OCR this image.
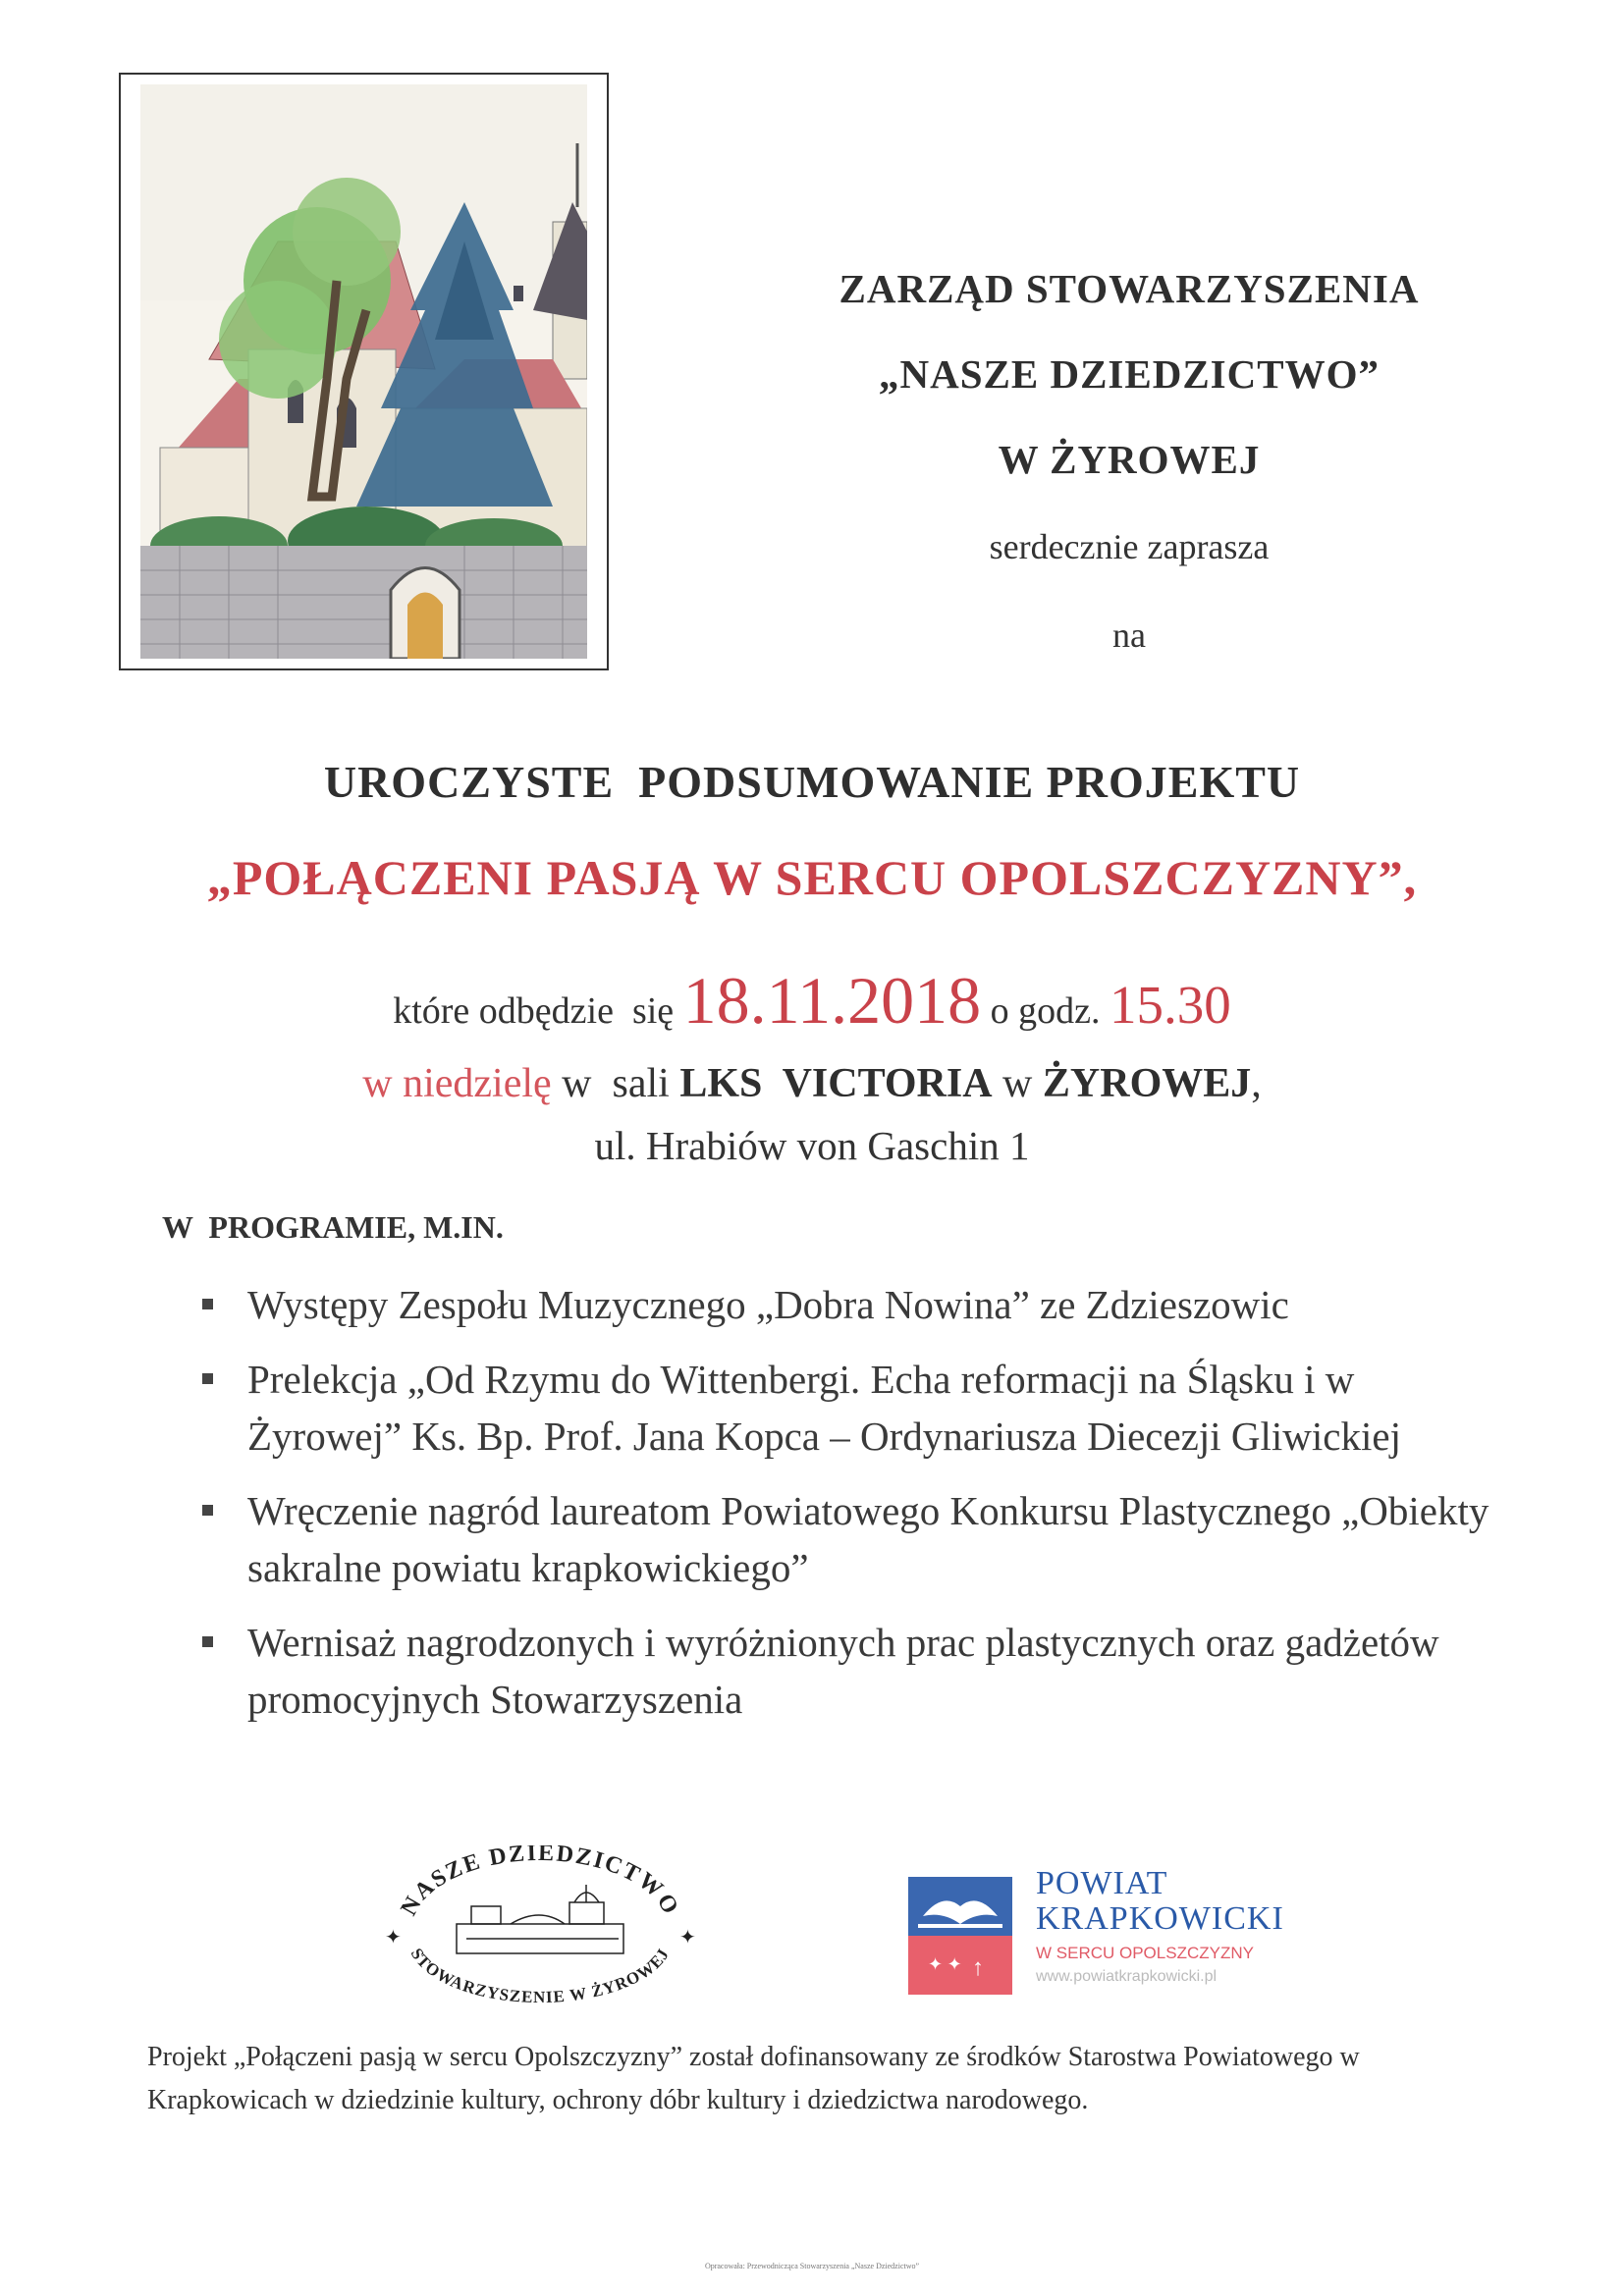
ZARZĄD STOWARZYSZENIA
„NASZE DZIEDZICTWO”
W ŻYROWEJ
serdecznie zaprasza
na
UROCZYSTE  PODSUMOWANIE PROJEKTU
„POŁĄCZENI PASJĄ W SERCU OPOLSZCZYZNY”,
które odbędzie  się 18.11.2018 o godz. 15.30
w niedzielę w  sali LKS  VICTORIA w ŻYROWEJ,
ul. Hrabiów von Gaschin 1
W  PROGRAMIE, M.IN.
Występy Zespołu Muzycznego „Dobra Nowina” ze Zdzieszowic
Prelekcja „Od Rzymu do Wittenbergi. Echa reformacji na Śląsku i w Żyrowej” Ks. Bp. Prof. Jana Kopca – Ordynariusza Diecezji Gliwickiej
Wręczenie nagród laureatom Powiatowego Konkursu Plastycznego „Obiekty sakralne powiatu krapkowickiego”
Wernisaż nagrodzonych i wyróżnionych prac plastycznych oraz gadżetów promocyjnych Stowarzyszenia
NASZE DZIEDZICTWO
STOWARZYSZENIE W ŻYROWEJ
✦	✦
✦ ✦ ↑
POWIAT
KRAPKOWICKI
W SERCU OPOLSZCZYZNY
www.powiatkrapkowicki.pl
Projekt „Połączeni pasją w sercu Opolszczyzny” został dofinansowany ze środków Starostwa Powiatowego w Krapkowicach w dziedzinie kultury, ochrony dóbr kultury i dziedzictwa narodowego.
Opracowała: Przewodnicząca Stowarzyszenia „Nasze Dziedzictwo”
